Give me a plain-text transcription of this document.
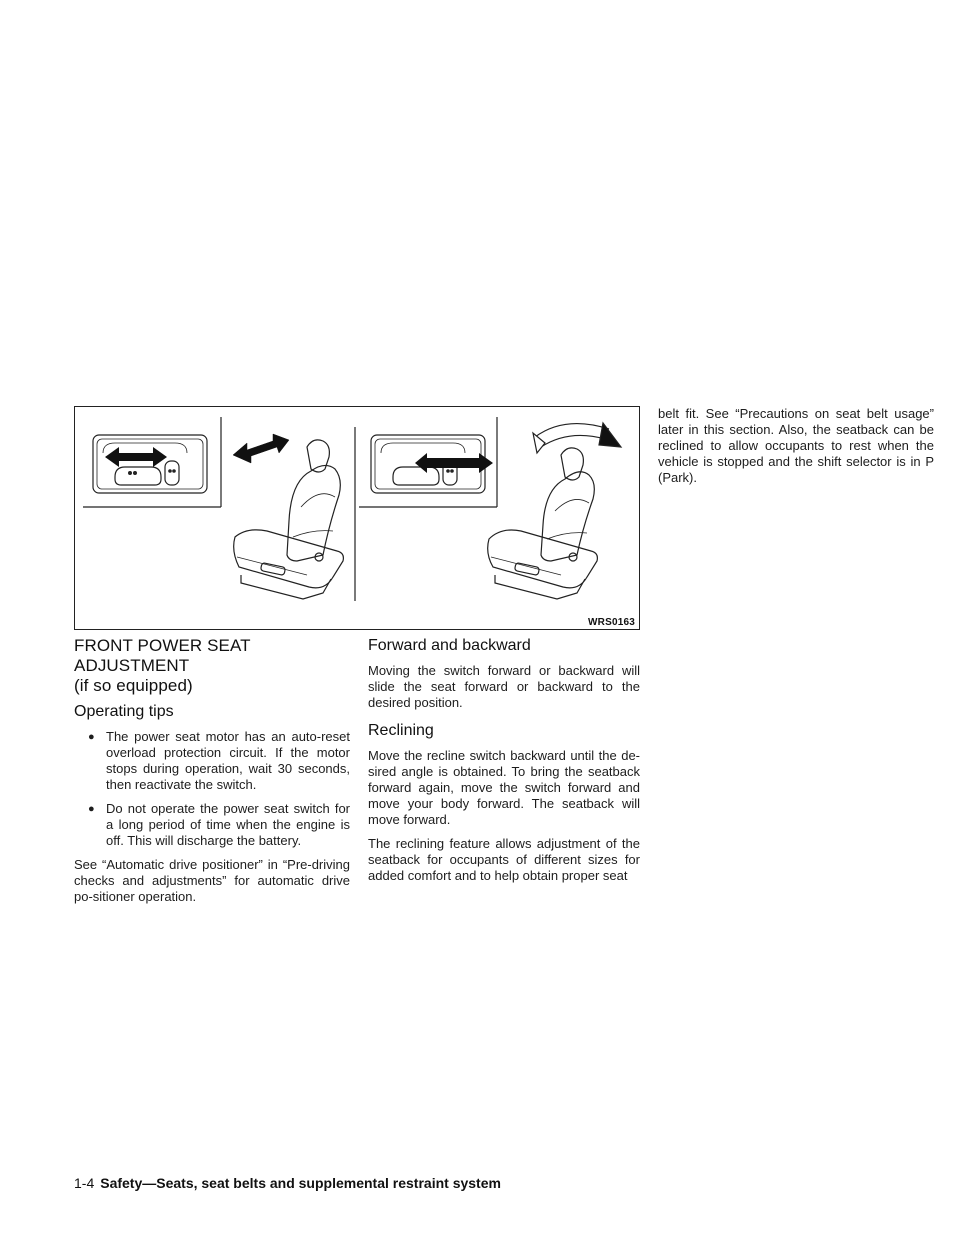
WRS0163
FRONT POWER SEAT ADJUSTMENT
(if so equipped)
Operating tips
● The power seat motor has an auto-reset overload protection circuit. If the motor stops during operation, wait 30 seconds, then reactivate the switch.
● Do not operate the power seat switch for a long period of time when the engine is off. This will discharge the battery.

See “Automatic drive positioner” in “Pre-driving checks and adjustments” for automatic drive po-sitioner operation.

Forward and backward

Moving the switch forward or backward will slide the seat forward or backward to the desired position.

Reclining

Move the recline switch backward until the de-sired angle is obtained. To bring the seatback forward again, move the switch forward and move your body forward. The seatback will move forward.

The reclining feature allows adjustment of the seatback for occupants of different sizes for added comfort and to help obtain proper seat

belt fit. See “Precautions on seat belt usage” later in this section. Also, the seatback can be reclined to allow occupants to rest when the vehicle is stopped and the shift selector is in P (Park).

1-4 Safety—Seats, seat belts and supplemental restraint system
